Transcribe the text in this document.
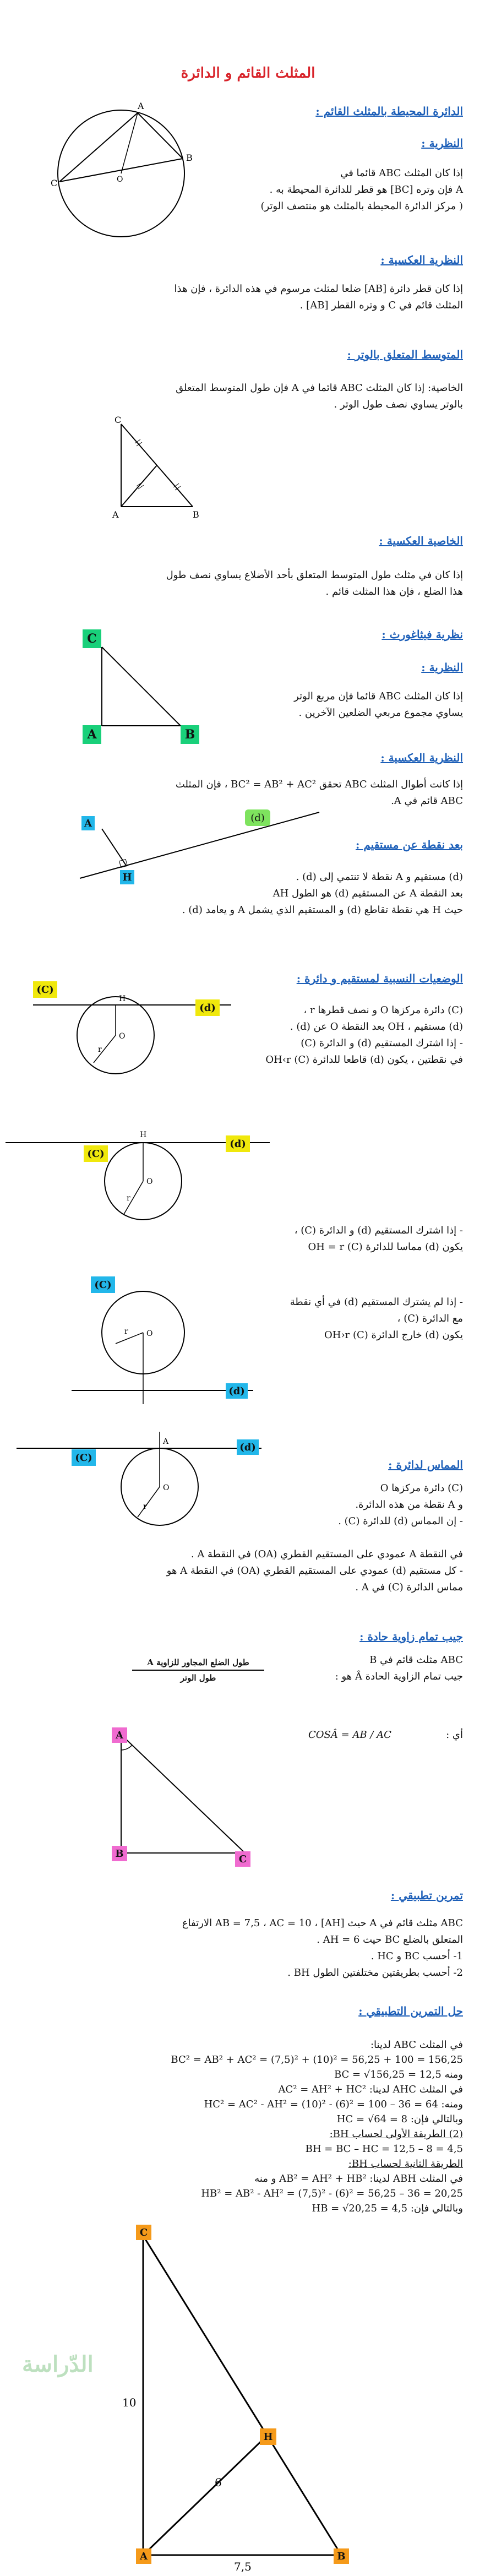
المثلث القائم و الدائرة
الدائرة المحيطة بالمثلث القائم :
النظرية :
إذا كان المثلث ABC قائما في
A فإن وتره [BC] هو قطر للدائرة المحيطة به .
( مركز الدائرة المحيطة بالمثلث هو منتصف الوتر)
C
A
B
O
النظرية العكسية :
إذا كان قطر دائرة [AB] ضلعا لمثلث مرسوم في هذه الدائرة ، فإن هذا
المثلث قائم في C و وتره القطر [AB] .
المتوسط المتعلق بالوتر :
الخاصية: إذا كان المثلث ABC قائما في A فإن طول المتوسط المتعلق
بالوتر يساوي نصف طول الوتر .
C
A	B
الخاصية العكسية :
إذا كان في مثلث طول المتوسط المتعلق بأحد الأضلاع يساوي نصف طول
هذا الضلع ، فإن هذا المثلث قائم .
نظرية فيثاغورث :
النظرية :
إذا كان المثلث ABC قائما فإن مربع الوتر
يساوي مجموع مربعي الضلعين الآخرين .
C
A	B
النظرية العكسية :
إذا كانت أطوال المثلث ABC تحقق BC² = AB² + AC² ، فإن المثلث
ABC قائم في A.
A
H
(d)
بعد نقطة عن مستقيم :
(d) مستقيم و A نقطة لا تنتمي إلى (d) .
بعد النقطة A عن المستقيم (d) هو الطول AH
حيث H هي نقطة تقاطع (d) و المستقيم الذي يشمل A و يعامد (d) .
O
r
H
(C)
(d)
الوضعيات النسبية لمستقيم و دائرة :
(C) دائرة مركزها O و نصف قطرها r ،
(d) مستقيم ، OH بعد النقطة O عن (d) .
- إذا اشترك المستقيم (d) و الدائرة (C)
في نقطتين ، يكون (d) قاطعا للدائرة (C) OH‹r
O
r
H
(C)
(d)
- إذا اشترك المستقيم (d) و الدائرة (C) ،
يكون (d) مماسا للدائرة (C) OH = r
O
r
(C)
(d)
- إذا لم يشترك المستقيم (d) في أي نقطة
مع الدائرة (C) ،
يكون (d) خارج الدائرة (C) OH›r
O
r
A
(C)
(d)
المماس لدائرة :
(C) دائرة مركزها O
و A نقطة من هذه الدائرة.
- إن المماس (d) للدائرة (C) .
في النقطة A عمودي على المستقيم القطري (OA) في النقطة A .
- كل مستقيم (d) عمودي على المستقيم القطري (OA) في النقطة A هو
مماس الدائرة (C) في A .
جيب تمام زاوية حادة :
ABC مثلث قائم في B
جيب تمام الزاوية الحادة Â هو :
طول الضلع المجاور للزاوية A
طول الوتر
COSÂ = AB / AC	أي :
A
B	C
تمرين تطبيقي :
ABC مثلث قائم في A حيث AB = 7,5 ، AC = 10 ، [AH] الارتفاع
المتعلق بالضلع BC حيث AH = 6 .
1- أحسب BC و HC .
2- أحسب بطريقتين مختلفتين الطول BH .
حل التمرين التطبيقي :
في المثلث ABC لدينا:
BC² = AB² + AC² = (7,5)² + (10)² = 56,25 + 100 = 156,25
ومنه BC = √156,25 = 12,5
في المثلث AHC لدينا: AC² = AH² + HC²
ومنه: HC² = AC² - AH² = (10)² - (6)² = 100 – 36 = 64
وبالتالي فإن: HC = √64 = 8
(2) الطريقة الأولى لحساب BH:
BH = BC – HC = 12,5 – 8 = 4,5
الطريقة الثانية لحساب BH:
في المثلث ABH لدينا: AB² = AH² + HB² و منه
HB² = AB² - AH² = (7,5)² - (6)² = 56,25 – 36 = 20,25
وبالتالي فإن: HB = √20,25 = 4,5
الدّراسة
10
6
7,5
C
H
A	B
